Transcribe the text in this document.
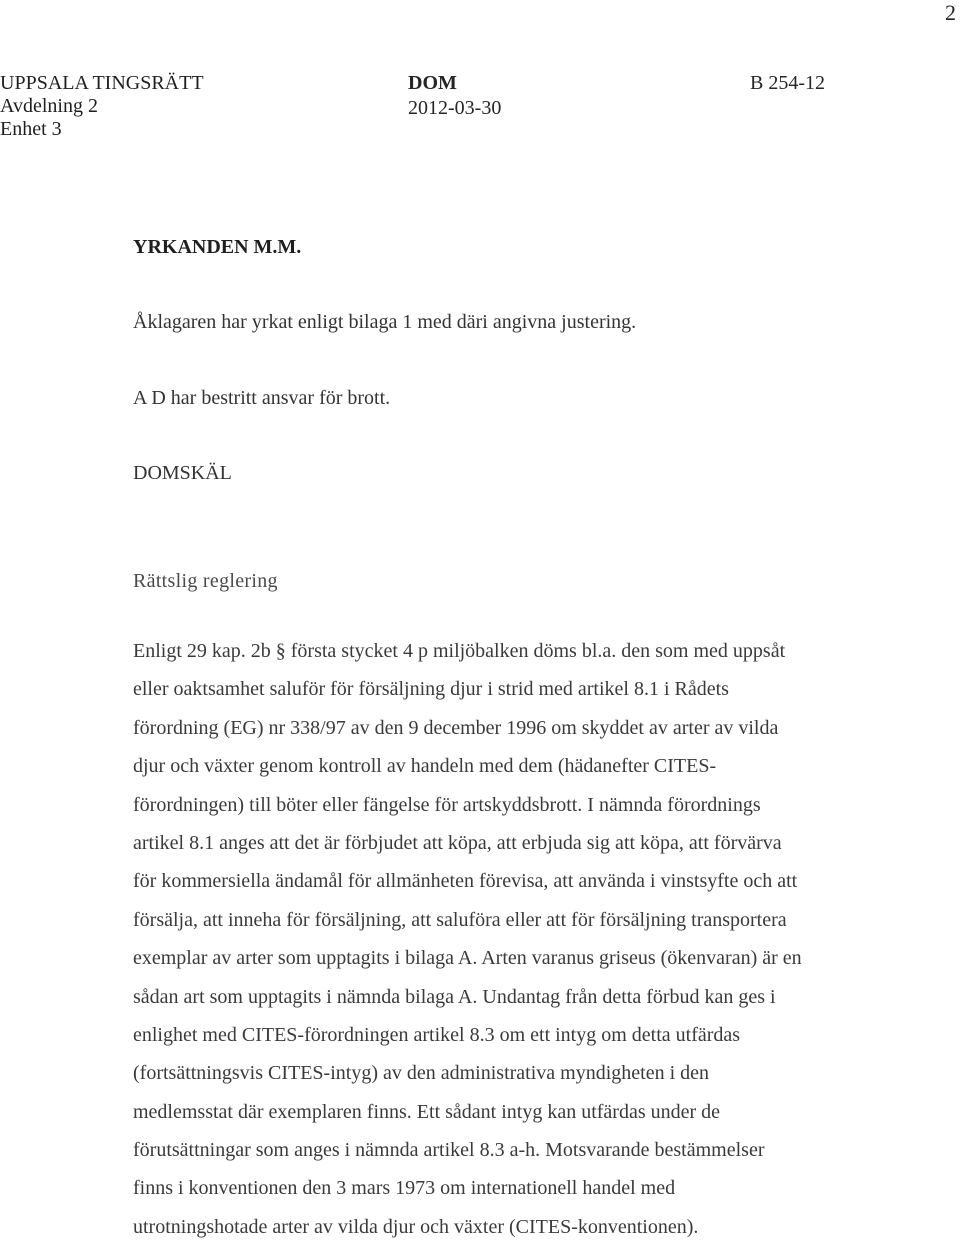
2
UPPSALA TINGSRÄTT
Avdelning 2
Enhet 3
DOM
2012-03-30
B 254-12
YRKANDEN M.M.
Åklagaren har yrkat enligt bilaga 1 med däri angivna justering.
A D har bestritt ansvar för brott.
DOMSKÄL
Rättslig reglering
Enligt 29 kap. 2b § första stycket 4 p miljöbalken döms bl.a. den som med uppsåt
eller oaktsamhet saluför för försäljning djur i strid med artikel 8.1 i Rådets
förordning (EG) nr 338/97 av den 9 december 1996 om skyddet av arter av vilda
djur och växter genom kontroll av handeln med dem (hädanefter CITES-
förordningen) till böter eller fängelse för artskyddsbrott. I nämnda förordnings
artikel 8.1 anges att det är förbjudet att köpa, att erbjuda sig att köpa, att förvärva
för kommersiella ändamål för allmänheten förevisa, att använda i vinstsyfte och att
försälja, att inneha för försäljning, att saluföra eller att för försäljning transportera
exemplar av arter som upptagits i bilaga A. Arten varanus griseus (ökenvaran) är en
sådan art som upptagits i nämnda bilaga A. Undantag från detta förbud kan ges i
enlighet med CITES-förordningen artikel 8.3 om ett intyg om detta utfärdas
(fortsättningsvis CITES-intyg) av den administrativa myndigheten i den
medlemsstat där exemplaren finns. Ett sådant intyg kan utfärdas under de
förutsättningar som anges i nämnda artikel 8.3 a-h. Motsvarande bestämmelser
finns i konventionen den 3 mars 1973 om internationell handel med
utrotningshotade arter av vilda djur och växter (CITES-konventionen).
